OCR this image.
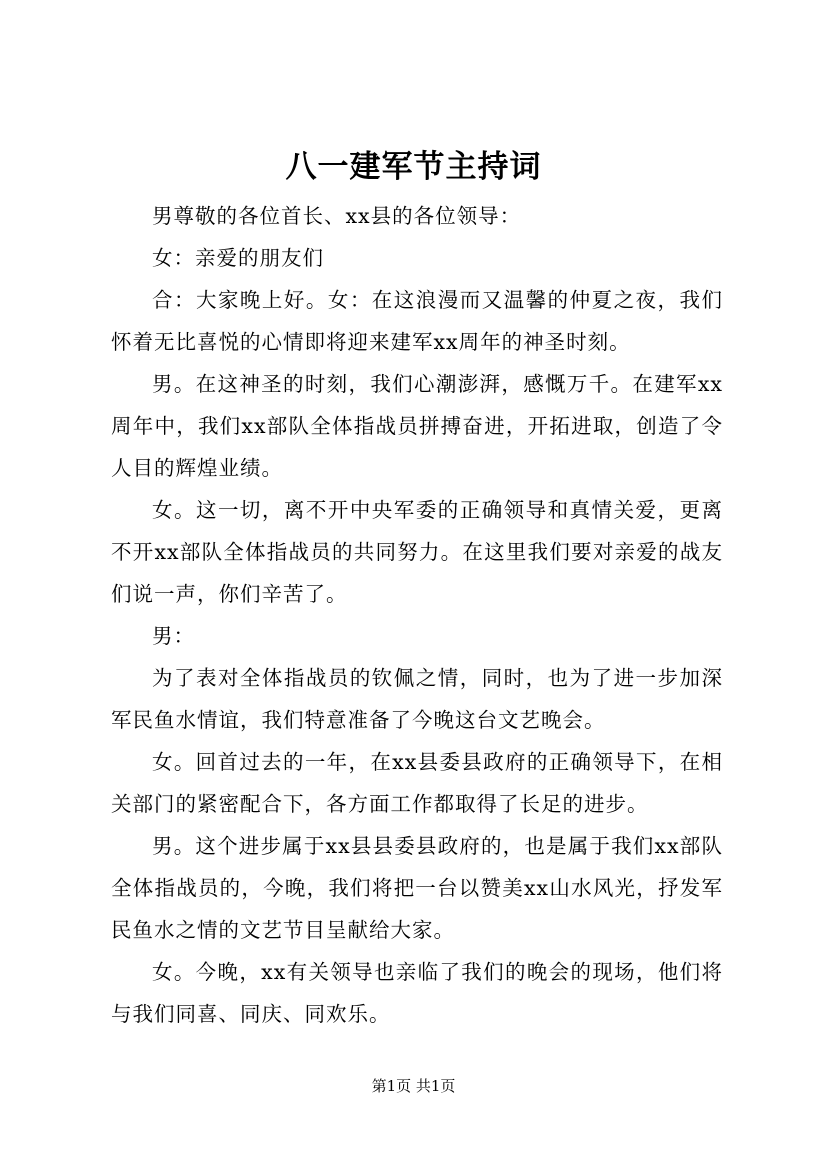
八一建军节主持词

男尊敬的各位首长、xx县的各位领导：

女：亲爱的朋友们

合：大家晚上好。女：在这浪漫而又温馨的仲夏之夜，我们怀着无比喜悦的心情即将迎来建军xx周年的神圣时刻。

男。在这神圣的时刻，我们心潮澎湃，感慨万千。在建军xx周年中，我们xx部队全体指战员拼搏奋进，开拓进取，创造了令人目的辉煌业绩。

女。这一切，离不开中央军委的正确领导和真情关爱，更离不开xx部队全体指战员的共同努力。在这里我们要对亲爱的战友们说一声，你们辛苦了。

男：

为了表对全体指战员的钦佩之情，同时，也为了进一步加深军民鱼水情谊，我们特意准备了今晚这台文艺晚会。

女。回首过去的一年，在xx县委县政府的正确领导下，在相关部门的紧密配合下，各方面工作都取得了长足的进步。

男。这个进步属于xx县县委县政府的，也是属于我们xx部队全体指战员的，今晚，我们将把一台以赞美xx山水风光，抒发军民鱼水之情的文艺节目呈献给大家。

女。今晚，xx有关领导也亲临了我们的晚会的现场，他们将与我们同喜、同庆、同欢乐。

第1页 共1页
